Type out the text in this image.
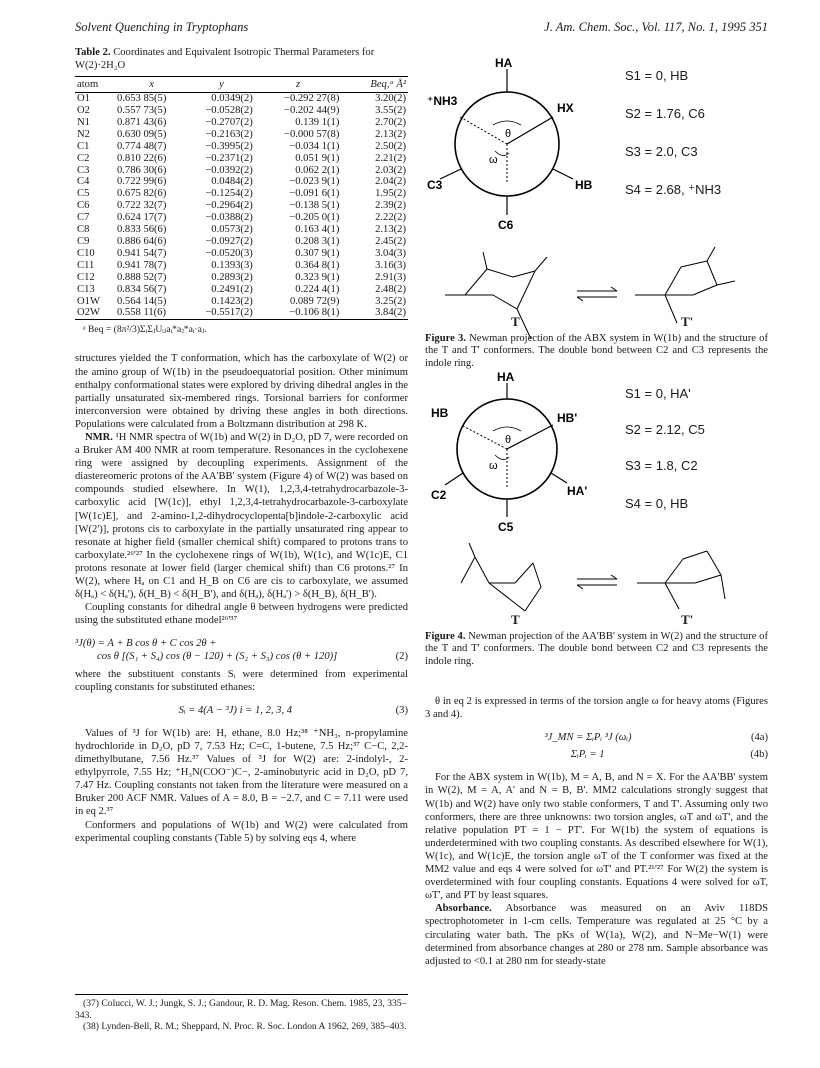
Solvent Quenching in Tryptophans	J. Am. Chem. Soc., Vol. 117, No. 1, 1995 351
Table 2. Coordinates and Equivalent Isotropic Thermal Parameters for W(2)·2H₂O
atom	x	y	z	Beq,ᵃ Å²
O1	0.653 85(5)	0.0349(2)	−0.292 27(8)	3.20(2)
O2	0.557 73(5)	−0.0528(2)	−0.202 44(9)	3.55(2)
N1	0.871 43(6)	−0.2707(2)	0.139 1(1)	2.70(2)
N2	0.630 09(5)	−0.2163(2)	−0.000 57(8)	2.13(2)
C1	0.774 48(7)	−0.3995(2)	−0.034 1(1)	2.50(2)
C2	0.810 22(6)	−0.2371(2)	0.051 9(1)	2.21(2)
C3	0.786 30(6)	−0.0392(2)	0.062 2(1)	2.03(2)
C4	0.722 99(6)	0.0484(2)	−0.023 9(1)	2.04(2)
C5	0.675 82(6)	−0.1254(2)	−0.091 6(1)	1.95(2)
C6	0.722 32(7)	−0.2964(2)	−0.138 5(1)	2.39(2)
C7	0.624 17(7)	−0.0388(2)	−0.205 0(1)	2.22(2)
C8	0.833 56(6)	0.0573(2)	0.163 4(1)	2.13(2)
C9	0.886 64(6)	−0.0927(2)	0.208 3(1)	2.45(2)
C10	0.941 54(7)	−0.0520(3)	0.307 9(1)	3.04(3)
C11	0.941 78(7)	0.1393(3)	0.364 8(1)	3.16(3)
C12	0.888 52(7)	0.2893(2)	0.323 9(1)	2.91(3)
C13	0.834 56(7)	0.2491(2)	0.224 4(1)	2.48(2)
O1W	0.564 14(5)	0.1423(2)	0.089 72(9)	3.25(2)
O2W	0.558 11(6)	−0.5517(2)	−0.106 8(1)	3.84(2)
ᵃ Beq = (8π²/3)ΣᵢΣⱼUᵢⱼaᵢ*aⱼ*aᵢ·aⱼ.

structures yielded the T conformation, which has the carboxylate of W(2) or the amino group of W(1b) in the pseudoequatorial position. Other minimum enthalpy conformational states were explored by driving dihedral angles in the partially unsaturated six-membered rings. Torsional barriers for conformer interconversion were obtained by driving these angles in both directions. Populations were calculated from a Boltzmann distribution at 298 K.

NMR. ¹H NMR spectra of W(1b) and W(2) in D₂O, pD 7, were recorded on a Bruker AM 400 NMR at room temperature. Resonances in the cyclohexene ring were assigned by decoupling experiments. Assignment of the diastereomeric protons of the AA'BB' system (Figure 4) of W(2) was based on compounds studied elsewhere. In W(1), 1,2,3,4-tetrahydrocarbazole-3-carboxylic acid [W(1c)], ethyl 1,2,3,4-tetrahydrocarbazole-3-carboxylate [W(1c)E], and 2-amino-1,2-dihydrocyclopenta[b]indole-2-carboxylic acid [W(2')], protons cis to carboxylate in the partially unsaturated ring appear to resonate at higher field (smaller chemical shift) compared to protons trans to carboxylate.²⁶'²⁷ In the cyclohexene rings of W(1b), W(1c), and W(1c)E, C1 protons resonate at lower field (larger chemical shift) than C6 protons.²⁷ In W(2), where Hₐ on C1 and H_B on C6 are cis to carboxylate, we assumed δ(Hₐ) < δ(Hₐ'), δ(H_B) < δ(H_B'), and δ(Hₐ), δ(Hₐ') > δ(H_B), δ(H_B').

Coupling constants for dihedral angle θ between hydrogens were predicted using the substituted ethane model²⁶'³⁷

³J(θ) = A + B cos θ + C cos 2θ +
cos θ [(S₁ + S₄) cos (θ − 120) + (S₂ + S₃) cos (θ + 120)]	(2)

where the substituent constants Sᵢ were determined from experimental coupling constants for substituted ethanes:

Sᵢ = 4(A − ³J) i = 1, 2, 3, 4	(3)

Values of ³J for W(1b) are: H, ethane, 8.0 Hz;³⁸ ⁺NH₃, n-propylamine hydrochloride in D₂O, pD 7, 7.53 Hz; C=C, 1-butene, 7.5 Hz;³⁷ C−C, 2,2-dimethylbutane, 7.56 Hz.³⁷ Values of ³J for W(2) are: 2-indolyl-, 2-ethylpyrrole, 7.55 Hz; ⁺H₃N(COO⁻)C−, 2-aminobutyric acid in D₂O, pD 7, 7.47 Hz. Coupling constants not taken from the literature were measured on a Bruker 200 ACF NMR. Values of A = 8.0, B = −2.7, and C = 7.11 were used in eq 2.³⁷

Conformers and populations of W(1b) and W(2) were calculated from experimental coupling constants (Table 5) by solving eqs 4, where

(37) Colucci, W. J.; Jungk, S. J.; Gandour, R. D. Mag. Reson. Chem. 1985, 23, 335–343.
(38) Lynden-Bell, R. M.; Sheppard, N. Proc. R. Soc. London A 1962, 269, 385–403.
HA
⁺NH3	HX
HB
C3
C6
θ
ω
S1 = 0, HB
S2 = 1.76, C6
S3 = 2.0, C3
S4 = 2.68, ⁺NH3
T	T'
Figure 3. Newman projection of the ABX system in W(1b) and the structure of the T and T' conformers. The double bond between C2 and C3 represents the indole ring.
HA
HB	HB'
HA'
C2
C5
θ
ω
S1 = 0, HA'
S2 = 2.12, C5
S3 = 1.8, C2
S4 = 0, HB
T	T'
Figure 4. Newman projection of the AA'BB' system in W(2) and the structure of the T and T' conformers. The double bond between C2 and C3 represents the indole ring.

θ in eq 2 is expressed in terms of the torsion angle ω for heavy atoms (Figures 3 and 4).

³J_MN = ΣᵢPᵢ ³J (ωᵢ)	(4a)
ΣᵢPᵢ = 1	(4b)

For the ABX system in W(1b), M = A, B, and N = X. For the AA'BB' system in W(2), M = A, A' and N = B, B'. MM2 calculations strongly suggest that W(1b) and W(2) have only two stable conformers, T and T'. Assuming only two conformers, there are three unknowns: two torsion angles, ωT and ωT', and the relative population PT = 1 − PT'. For W(1b) the system of equations is underdetermined with two coupling constants. As described elsewhere for W(1), W(1c), and W(1c)E, the torsion angle ωT of the T conformer was fixed at the MM2 value and eqs 4 were solved for ωT' and PT.²⁶'²⁷ For W(2) the system is overdetermined with four coupling constants. Equations 4 were solved for ωT, ωT', and PT by least squares.

Absorbance. Absorbance was measured on an Aviv 118DS spectrophotometer in 1-cm cells. Temperature was regulated at 25 °C by a circulating water bath. The pKs of W(1a), W(2), and N−Me−W(1) were determined from absorbance changes at 280 or 278 nm. Sample absorbance was adjusted to <0.1 at 280 nm for steady-state
